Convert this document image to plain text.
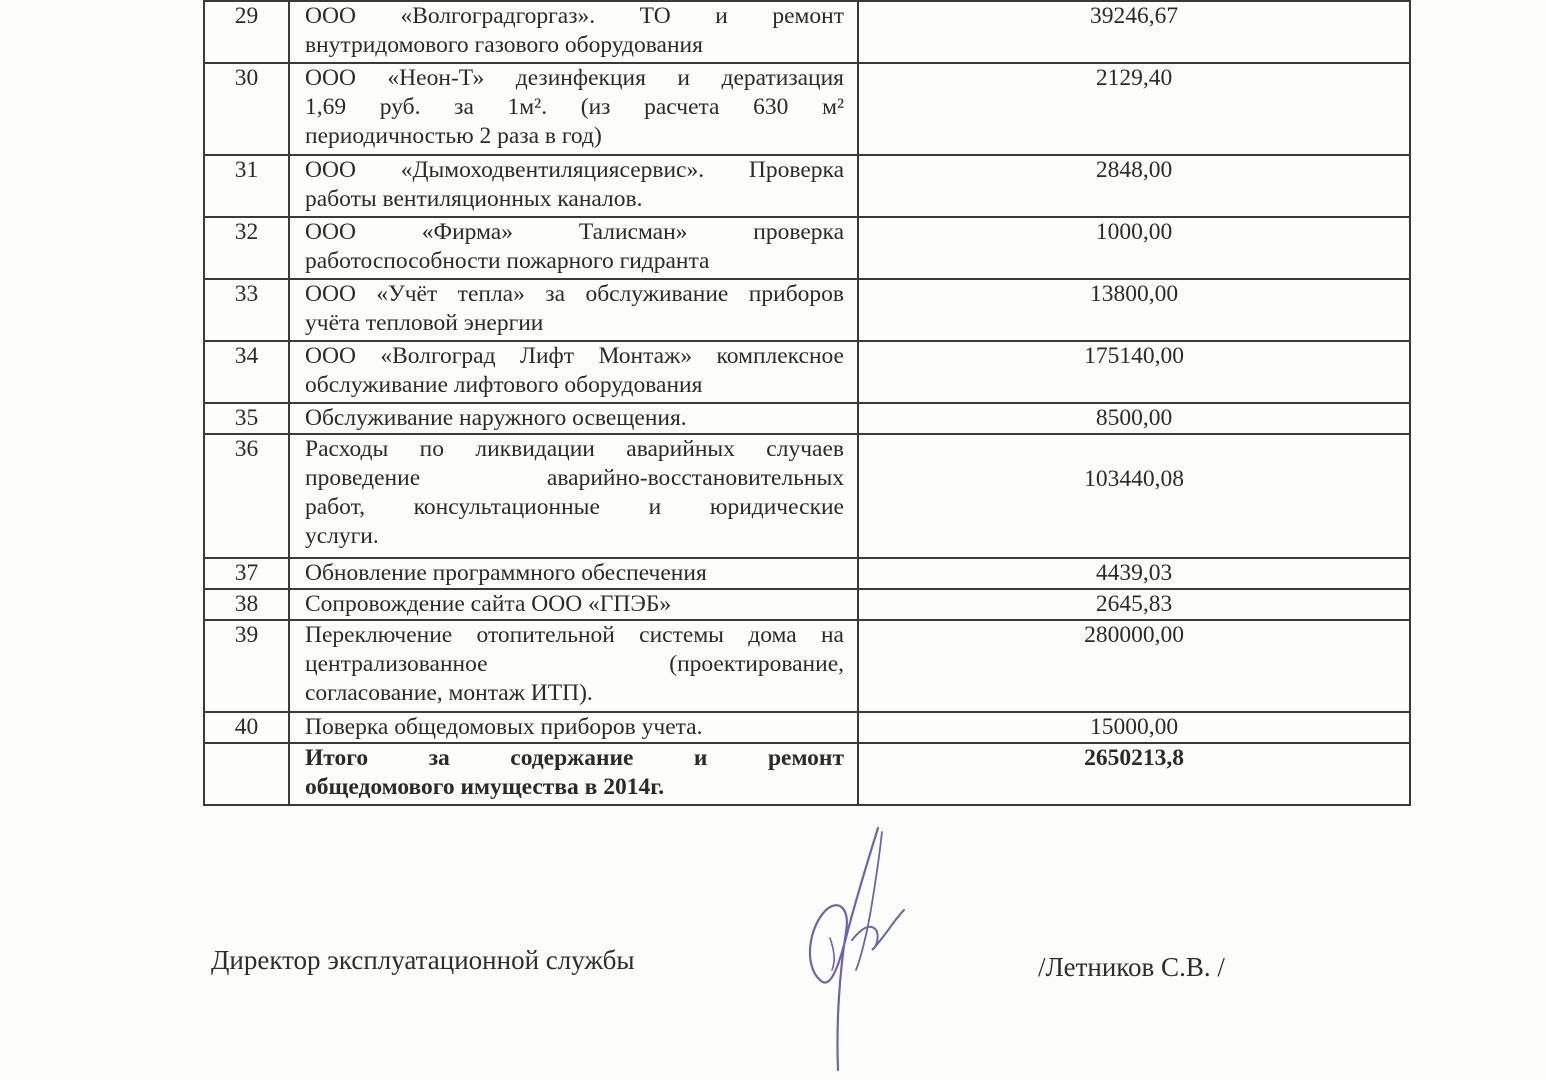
29	ООО «Волгоградгоргаз». ТО и ремонт
внутридомового газового оборудования	39246,67
30	ООО «Неон-Т» дезинфекция и дератизация
1,69 руб. за 1м². (из расчета 630 м²
периодичностью 2 раза в год)	2129,40
31	ООО «Дымоходвентиляциясервис». Проверка
работы вентиляционных каналов.	2848,00
32	ООО «Фирма» Талисман» проверка
работоспособности пожарного гидранта	1000,00
33	ООО «Учёт тепла» за обслуживание приборов
учёта тепловой энергии	13800,00
34	ООО «Волгоград Лифт Монтаж» комплексное
обслуживание лифтового оборудования	175140,00
35	Обслуживание наружного освещения.	8500,00
36	Расходы по ликвидации аварийных случаев
проведение аварийно-восстановительных
работ, консультационные и юридические
услуги.	103440,08
37	Обновление программного обеспечения	4439,03
38	Сопровождение сайта ООО «ГПЭБ»	2645,83
39	Переключение отопительной системы дома на
централизованное (проектирование,
согласование, монтаж ИТП).	280000,00
40	Поверка общедомовых приборов учета.	15000,00

	Итого за содержание и ремонт
общедомового имущества в 2014г.	2650213,8
Директор эксплуатационной службы	/Летников С.В. /
